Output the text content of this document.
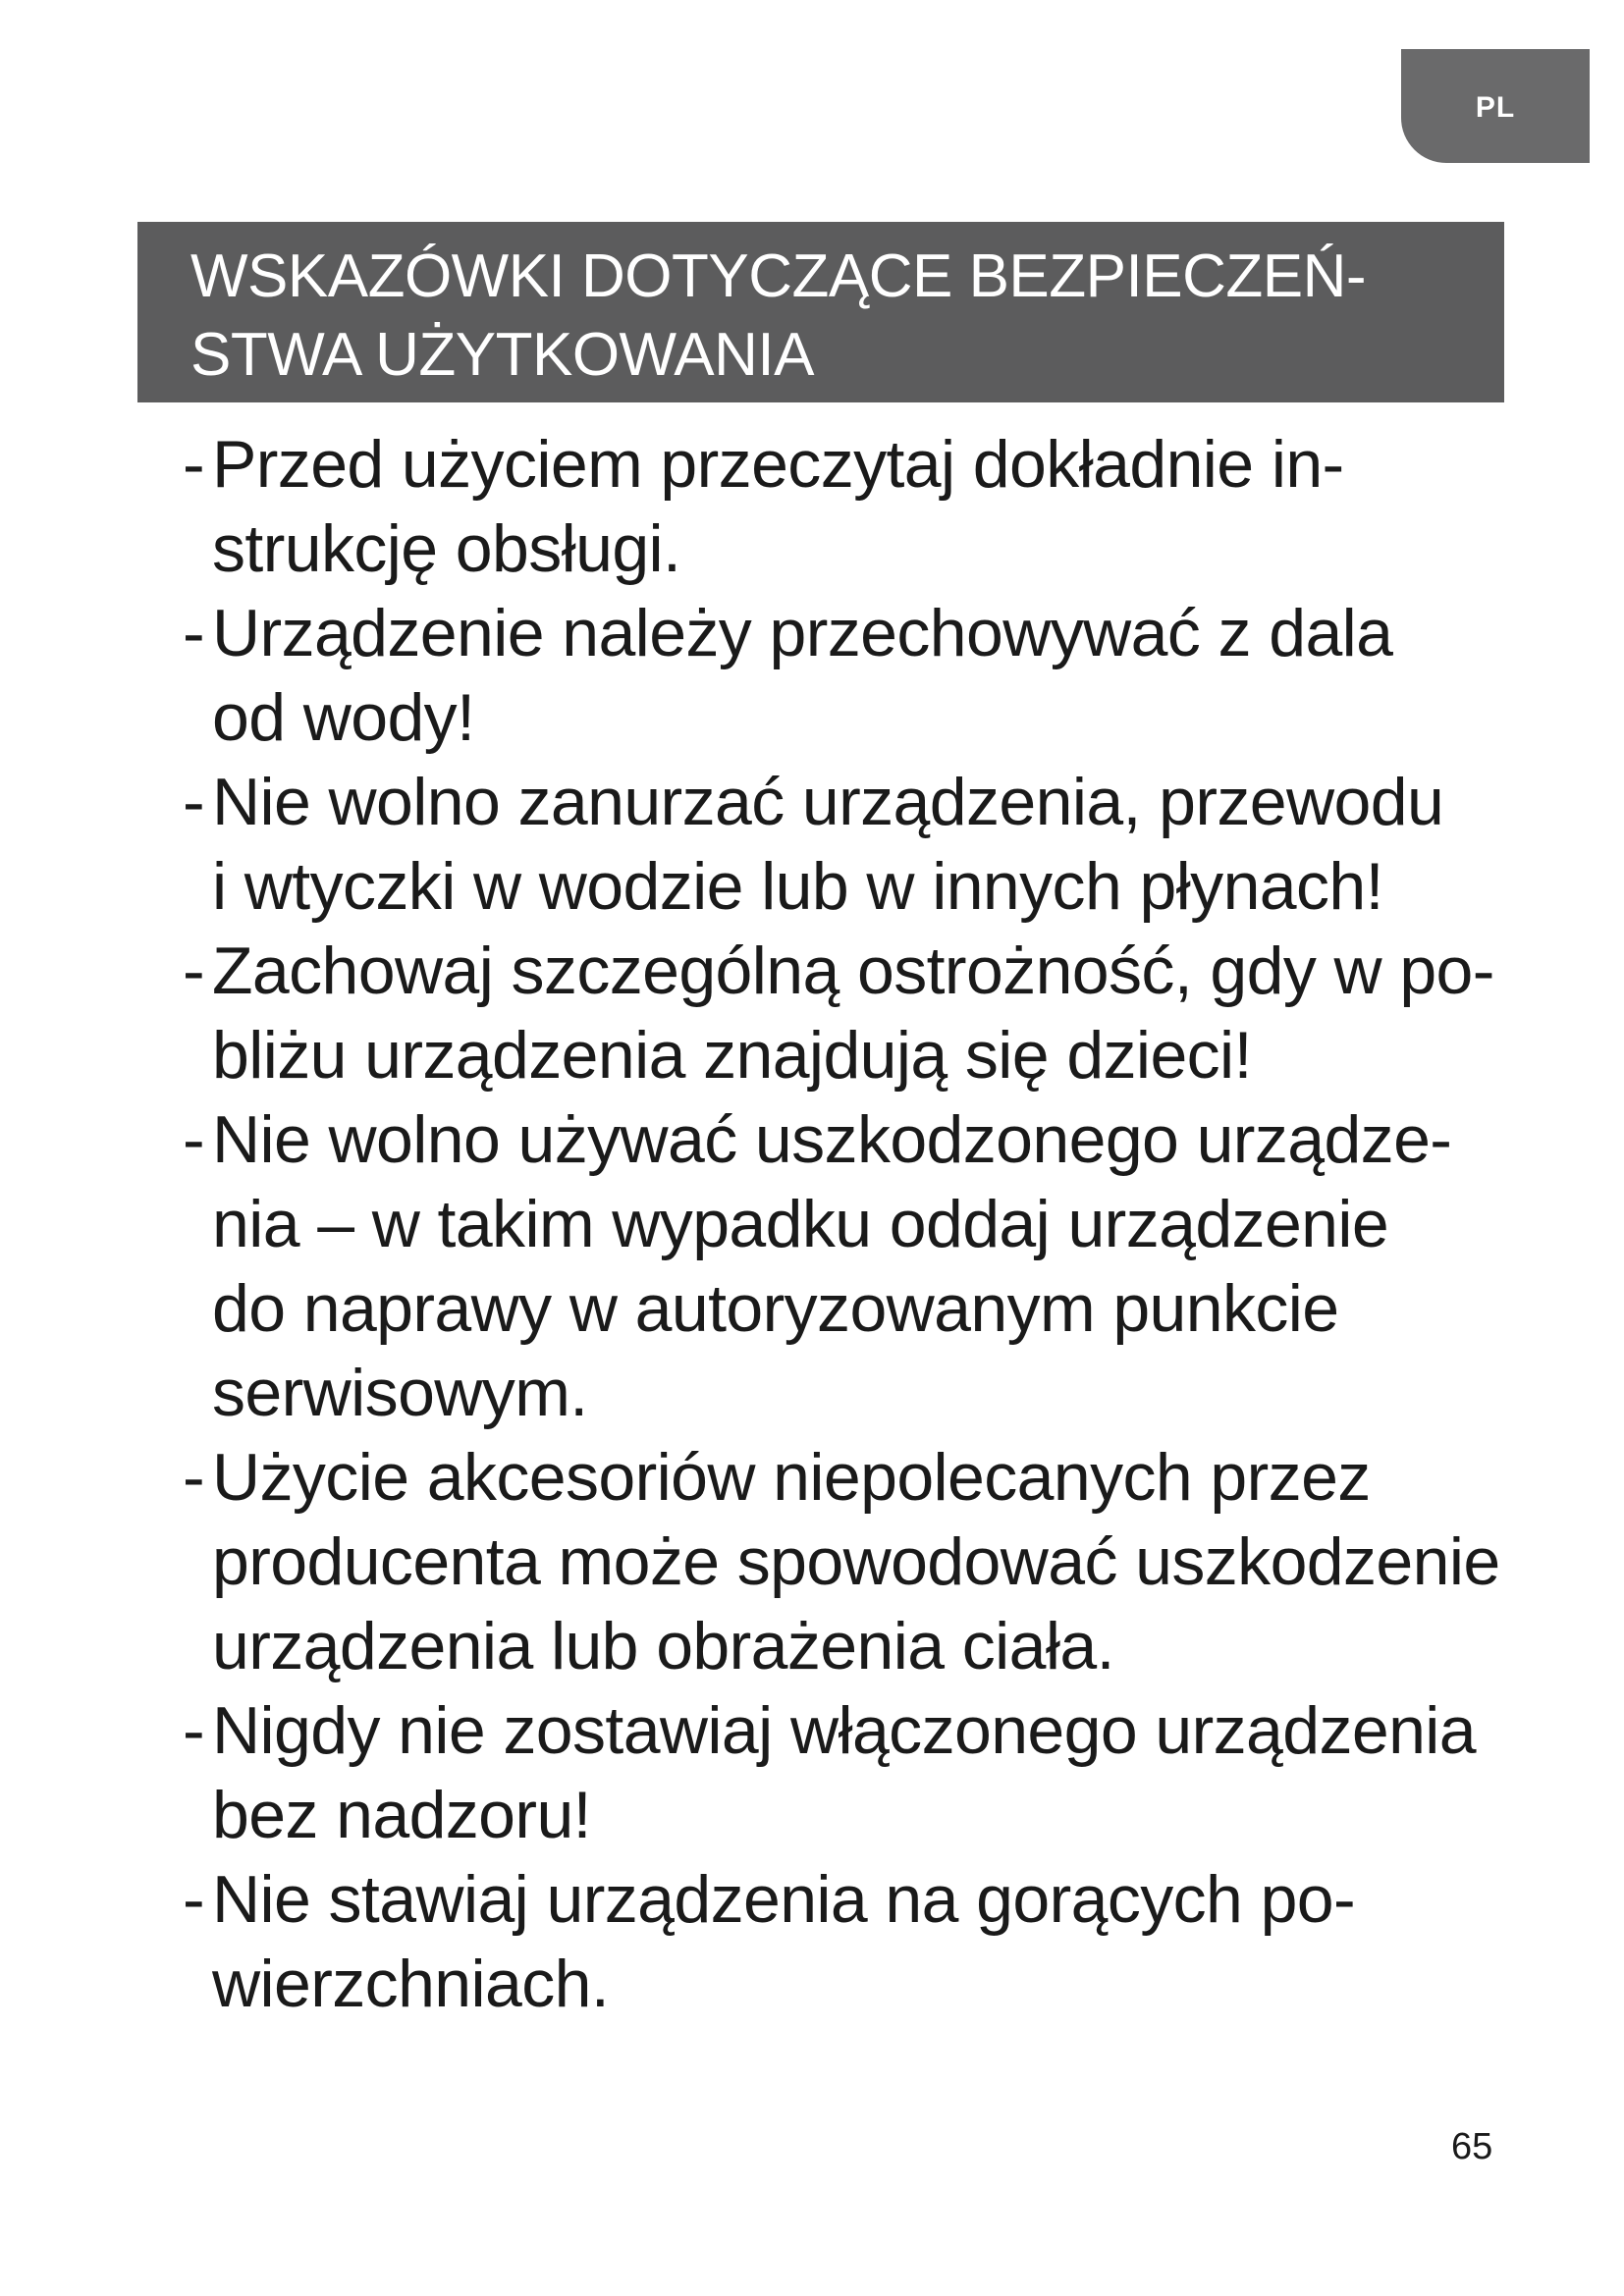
PL
WSKAZÓWKI DOTYCZĄCE BEZPIECZEŃ-
STWA UŻYTKOWANIA
- Przed użyciem przeczytaj dokładnie in-
strukcję obsługi.
- Urządzenie należy przechowywać z dala
od wody!
- Nie wolno zanurzać urządzenia, przewodu
i wtyczki w wodzie lub w innych płynach!
- Zachowaj szczególną ostrożność, gdy w po-
bliżu urządzenia znajdują się dzieci!
- Nie wolno używać uszkodzonego urządze-
nia – w takim wypadku oddaj urządzenie
do naprawy w autoryzowanym punkcie
serwisowym.
- Użycie akcesoriów niepolecanych przez
producenta może spowodować uszkodzenie
urządzenia lub obrażenia ciała.
- Nigdy nie zostawiaj włączonego urządzenia
bez nadzoru!
- Nie stawiaj urządzenia na gorących po-
wierzchniach.
65
